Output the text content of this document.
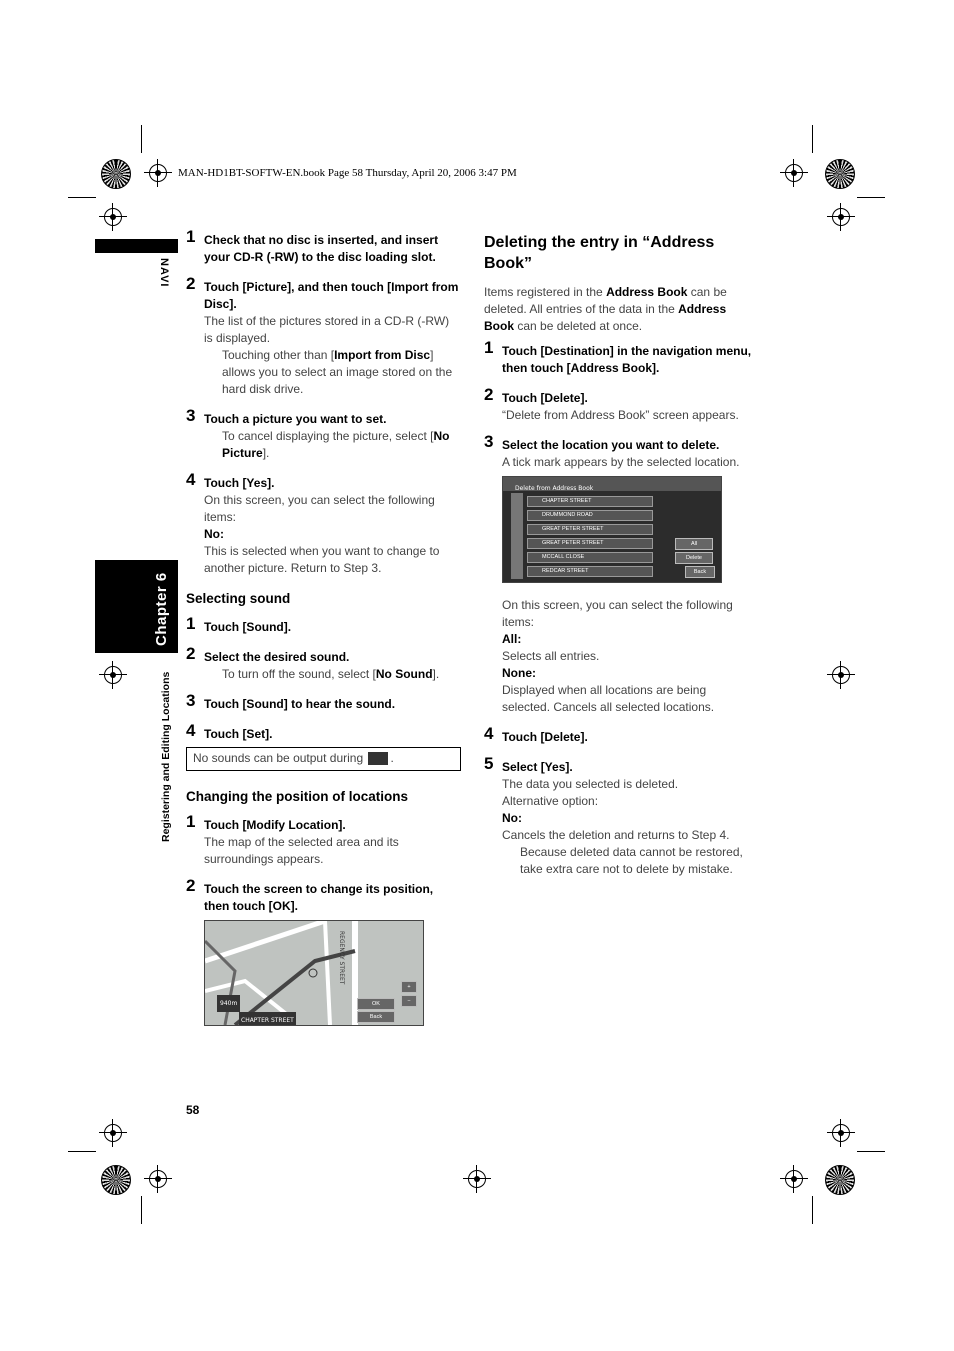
MAN-HD1BT-SOFTW-EN.book Page 58 Thursday, April 20, 2006 3:47 PM
NAVI
Chapter 6
Registering and Editing Locations
58
1 Check that no disc is inserted, and insert your CD-R (-RW) to the disc loading slot.
2 Touch [Picture], and then touch [Import from Disc].
The list of the pictures stored in a CD-R (-RW) is displayed.
Touching other than [Import from Disc] allows you to select an image stored on the hard disk drive.
3 Touch a picture you want to set.
To cancel displaying the picture, select [No Picture].
4 Touch [Yes].
On this screen, you can select the following items:
No:
This is selected when you want to change to another picture. Return to Step 3.
Selecting sound
1 Touch [Sound].
2 Select the desired sound.
To turn off the sound, select [No Sound].
3 Touch [Sound] to hear the sound.
4 Touch [Set].
No sounds can be output during .
Changing the position of locations
1 Touch [Modify Location].
The map of the selected area and its surroundings appears.
2 Touch the screen to change its position, then touch [OK].
CHAPTER STREET
REGENCY STREET
940m	OK
Back
+
−
Deleting the entry in “Address Book”
Items registered in the Address Book can be deleted. All entries of the data in the Address Book can be deleted at once.
1 Touch [Destination] in the navigation menu, then touch [Address Book].
2 Touch [Delete].
“Delete from Address Book” screen appears.
3 Select the location you want to delete.
A tick mark appears by the selected location.
Delete from Address Book
CHAPTER STREET
DRUMMOND ROAD
GREAT PETER STREET
GREAT PETER STREET
MCCALL CLOSE
REDCAR STREET
All
Delete
Back
On this screen, you can select the following items:
All:
Selects all entries.
None:
Displayed when all locations are being selected. Cancels all selected locations.
4 Touch [Delete].
5 Select [Yes].
The data you selected is deleted.
Alternative option:
No:
Cancels the deletion and returns to Step 4.
Because deleted data cannot be restored, take extra care not to delete by mistake.
